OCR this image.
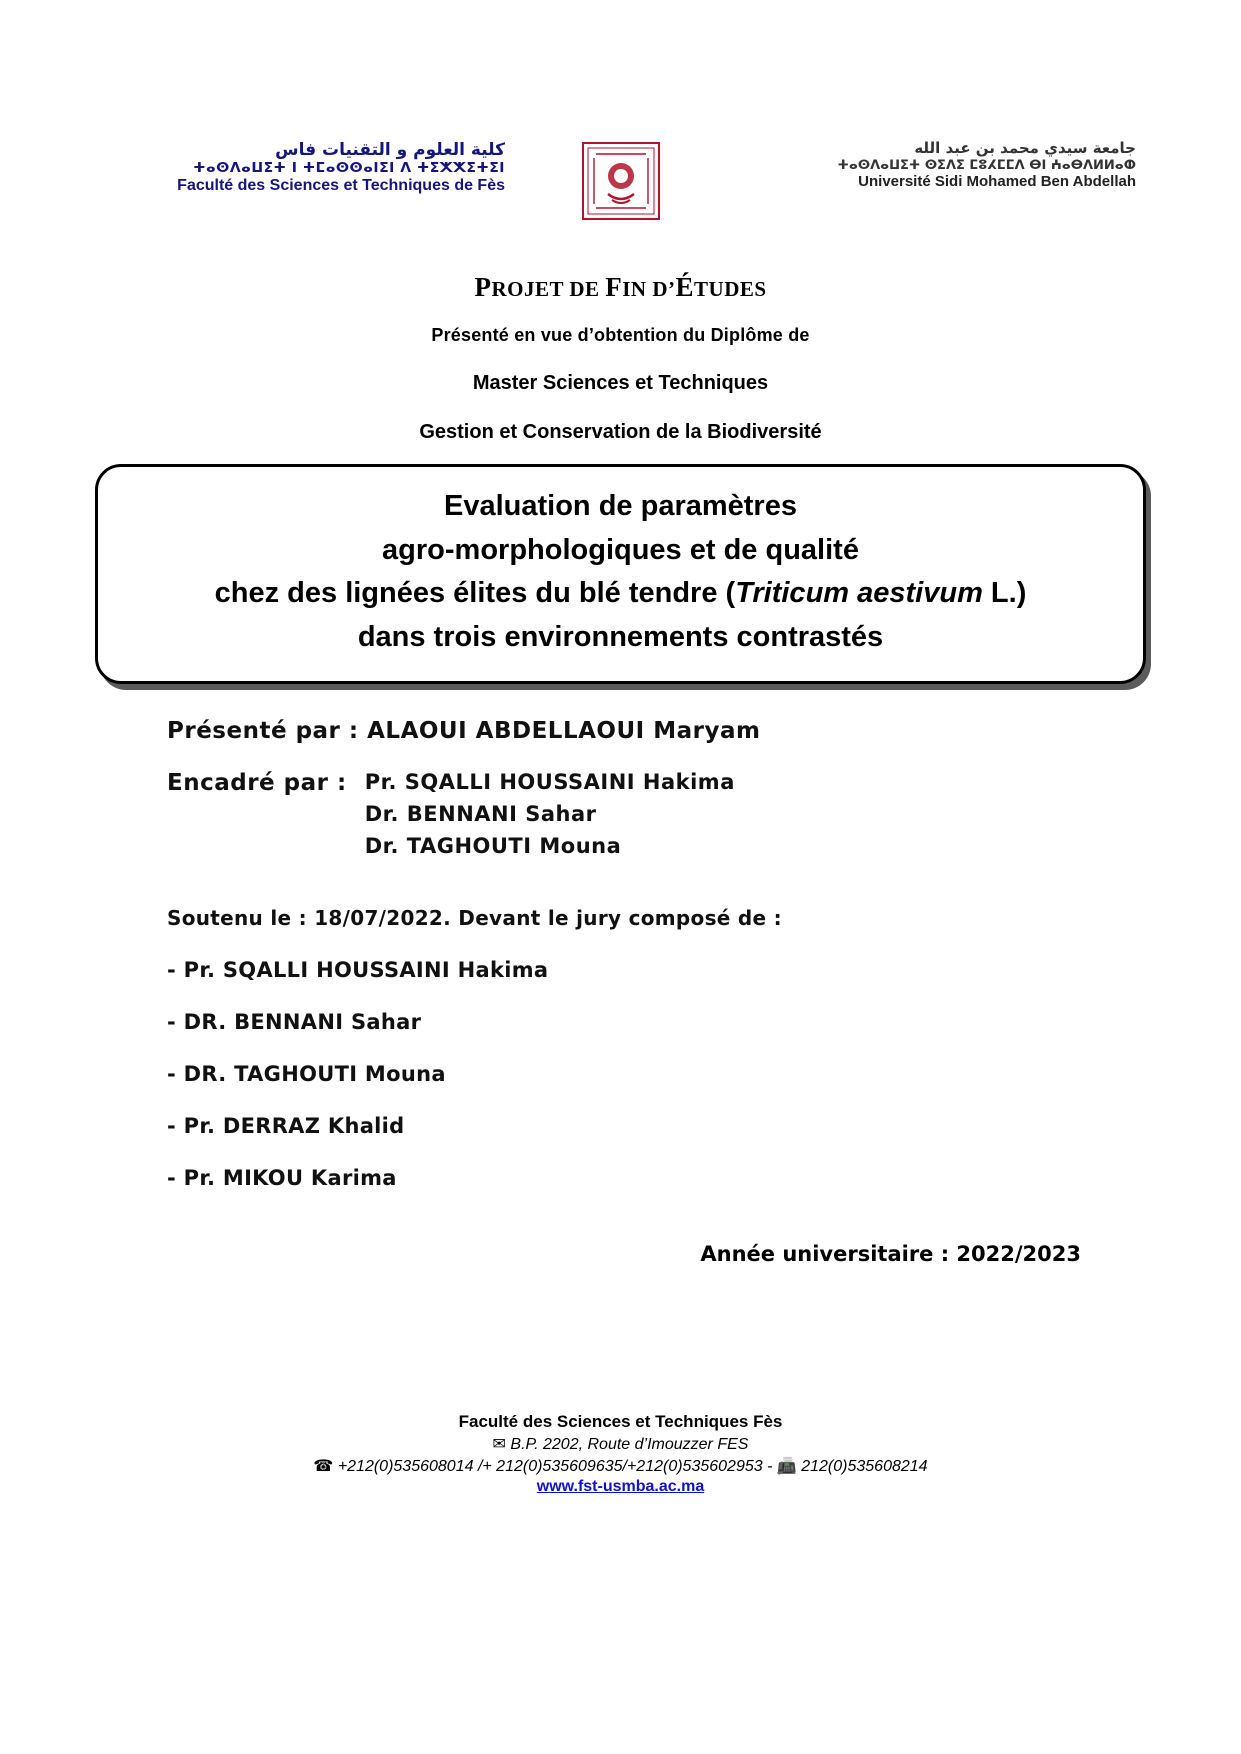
كلية العلوم و التقنيات فاس
ⵜⴰⵙⴷⴰⵡⵉⵜ ⵏ ⵜⵎⴰⵙⵙⴰⵏⵉⵏ ⴷ ⵜⵉⵅⵅⵉⵜⵉⵏ
Faculté des Sciences et Techniques de Fès
جامعة سيدي محمد بن عبد الله
ⵜⴰⵙⴷⴰⵡⵉⵜ ⵙⵉⴷⵉ ⵎⵓⵃⵎⵎⴷ ⴱⵏ ⵄⴰⴱⴷⵍⵍⴰⵀ
Université Sidi Mohamed Ben Abdellah
PROJET DE FIN D’ÉTUDES
Présenté en vue d’obtention du Diplôme de
Master Sciences et Techniques
Gestion et Conservation de la Biodiversité
Evaluation de paramètres
agro-morphologiques et de qualité
chez des lignées élites du blé tendre (Triticum aestivum L.)
dans trois environnements contrastés
Présenté par : ALAOUI ABDELLAOUI Maryam
Encadré par : Pr. SQALLI HOUSSAINI Hakima
Dr. BENNANI Sahar
Dr. TAGHOUTI Mouna
Soutenu le : 18/07/2022. Devant le jury composé de :
- Pr. SQALLI HOUSSAINI Hakima
- DR. BENNANI Sahar
- DR. TAGHOUTI Mouna
- Pr. DERRAZ Khalid
- Pr. MIKOU Karima
Année universitaire : 2022/2023
Faculté des Sciences et Techniques Fès
✉ B.P. 2202, Route d’Imouzzer FES
☎ +212(0)535608014 /+ 212(0)535609635/+212(0)535602953 - 📠 212(0)535608214
www.fst-usmba.ac.ma
